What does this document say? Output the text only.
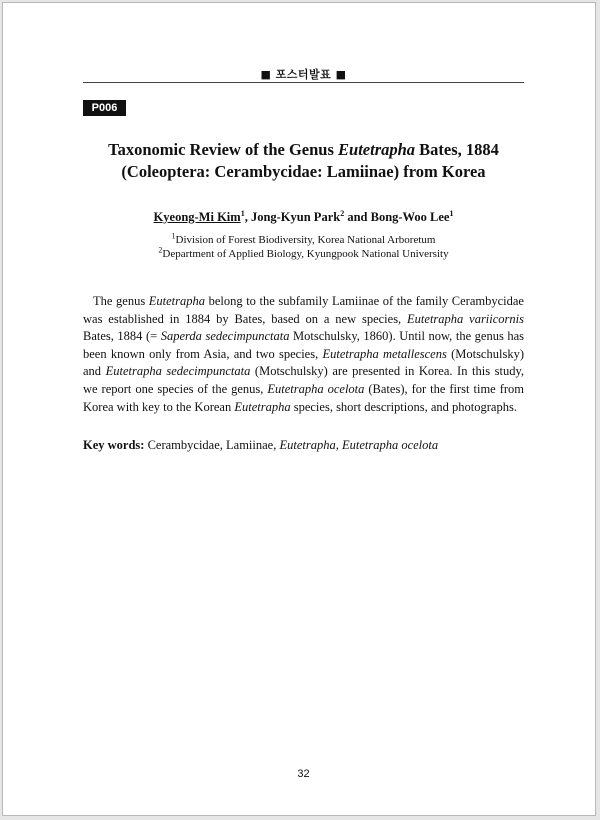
■ 포스터발표 ■
P006
Taxonomic Review of the Genus Eutetrapha Bates, 1884
(Coleoptera: Cerambycidae: Lamiinae) from Korea
Kyeong-Mi Kim$^1$, Jong-Kyun Park$^2$ and Bong-Woo Lee$^1$
$^1$Division of Forest Biodiversity, Korea National Arboretum
$^2$Department of Applied Biology, Kyungpook National University

The genus Eutetrapha belong to the subfamily Lamiinae of the family Cerambycidae was established in 1884 by Bates, based on a new species, Eutetrapha variicornis Bates, 1884 (= Saperda sedecimpunctata Motschulsky, 1860). Until now, the genus has been known only from Asia, and two species, Eutetrapha metallescens (Motschulsky) and Eutetrapha sedecimpunctata (Motschulsky) are presented in Korea. In this study, we report one species of the genus, Eutetrapha ocelota (Bates), for the first time from Korea with key to the Korean Eutetrapha species, short descriptions, and photographs.

Key words: Cerambycidae, Lamiinae, Eutetrapha, Eutetrapha ocelota
32
